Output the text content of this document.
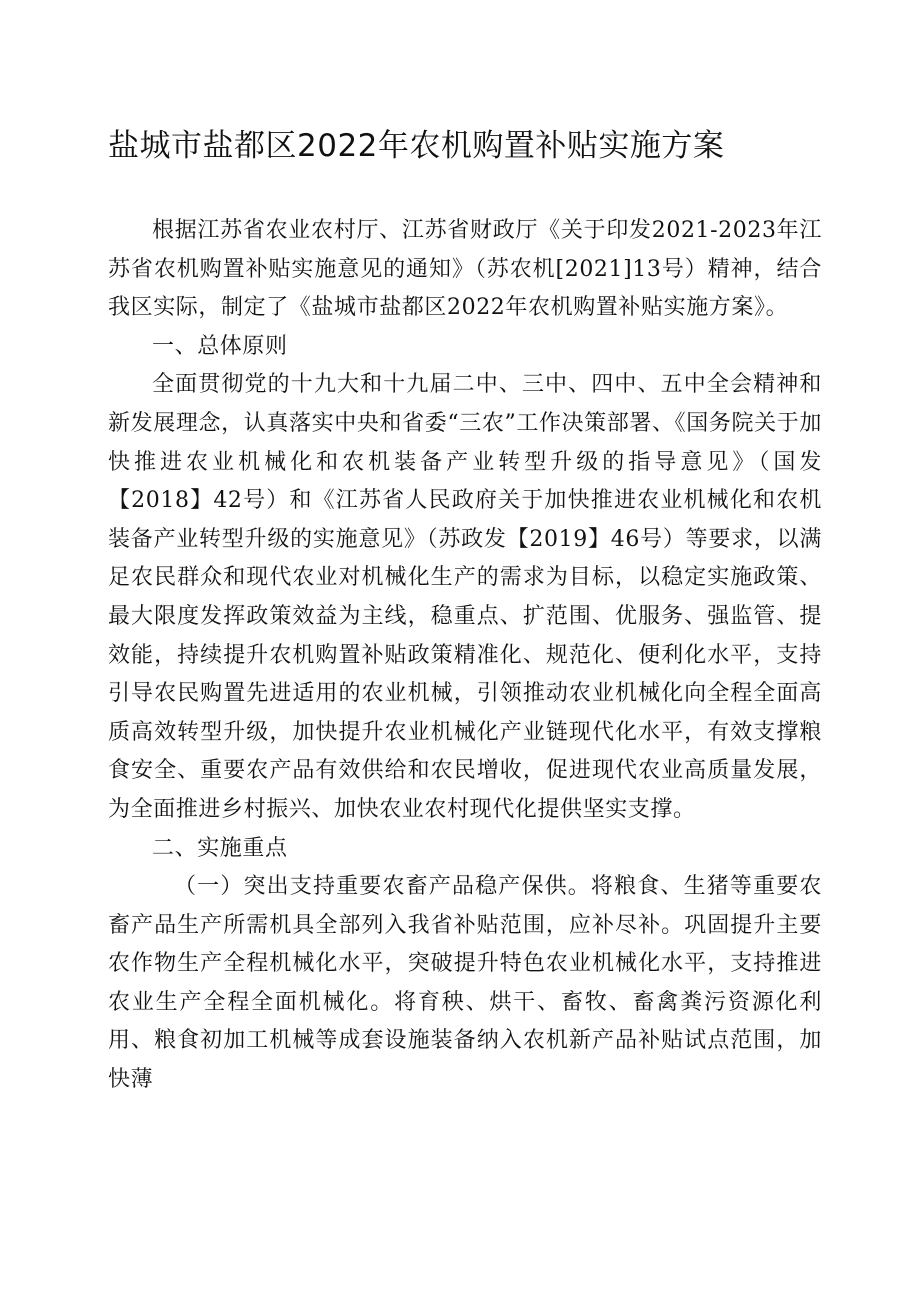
盐城市盐都区2022年农机购置补贴实施方案

根据江苏省农业农村厅、江苏省财政厅《关于印发2021-2023年江苏省农机购置补贴实施意见的通知》（苏农机[2021]13号）精神，结合我区实际，制定了《盐城市盐都区2022年农机购置补贴实施方案》。

一、总体原则

全面贯彻党的十九大和十九届二中、三中、四中、五中全会精神和新发展理念，认真落实中央和省委“三农”工作决策部署、《国务院关于加快推进农业机械化和农机装备产业转型升级的指导意见》（国发【2018】42号）和《江苏省人民政府关于加快推进农业机械化和农机装备产业转型升级的实施意见》（苏政发【2019】46号）等要求，以满足农民群众和现代农业对机械化生产的需求为目标，以稳定实施政策、最大限度发挥政策效益为主线，稳重点、扩范围、优服务、强监管、提效能，持续提升农机购置补贴政策精准化、规范化、便利化水平，支持引导农民购置先进适用的农业机械，引领推动农业机械化向全程全面高质高效转型升级，加快提升农业机械化产业链现代化水平，有效支撑粮食安全、重要农产品有效供给和农民增收，促进现代农业高质量发展，为全面推进乡村振兴、加快农业农村现代化提供坚实支撑。

二、实施重点

（一）突出支持重要农畜产品稳产保供。将粮食、生猪等重要农畜产品生产所需机具全部列入我省补贴范围，应补尽补。巩固提升主要农作物生产全程机械化水平，突破提升特色农业机械化水平，支持推进农业生产全程全面机械化。将育秧、烘干、畜牧、畜禽粪污资源化利用、粮食初加工机械等成套设施装备纳入农机新产品补贴试点范围，加快薄
